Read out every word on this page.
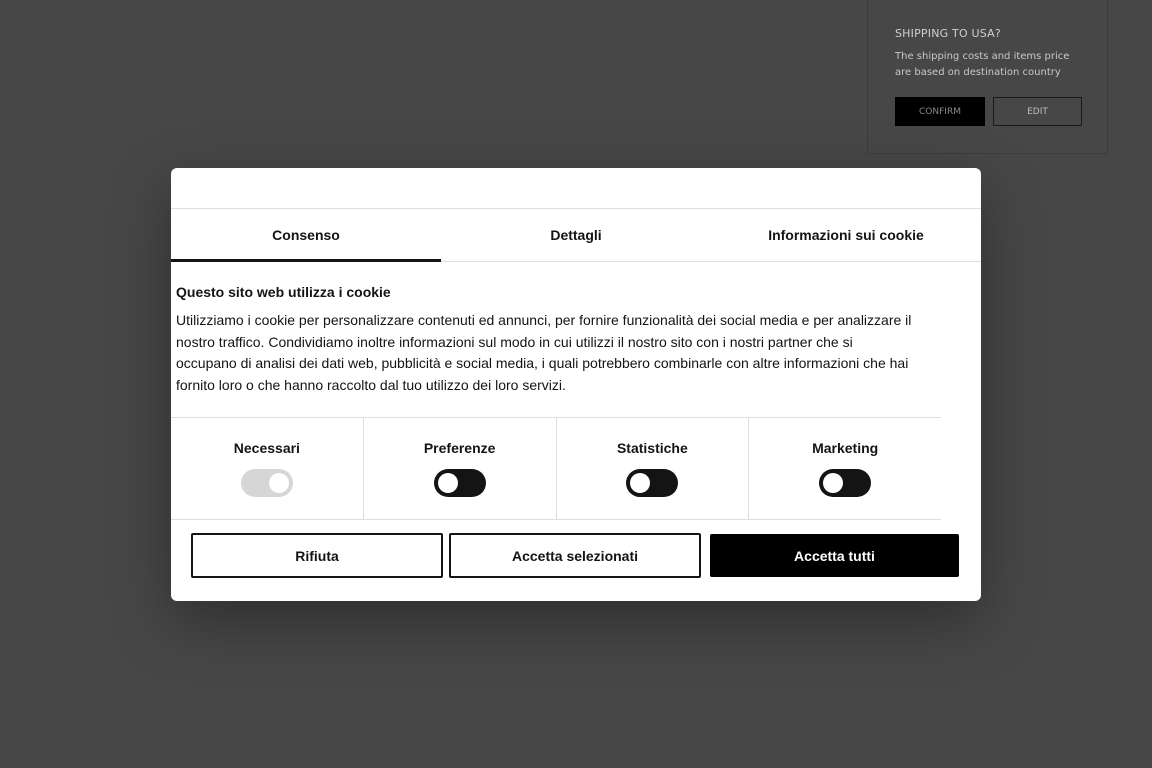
SHIPPING TO USA?
The shipping costs and items price are based on destination country
CONFIRM	EDIT
Consenso	Dettagli	Informazioni sui cookie
Questo sito web utilizza i cookie

Utilizziamo i cookie per personalizzare contenuti ed annunci, per fornire funzionalità dei social media e per analizzare il nostro traffico. Condividiamo inoltre informazioni sul modo in cui utilizzi il nostro sito con i nostri partner che si occupano di analisi dei dati web, pubblicità e social media, i quali potrebbero combinarle con altre informazioni che hai fornito loro o che hanno raccolto dal tuo utilizzo dei loro servizi.

Necessari	Preferenze	Statistiche	Marketing
Rifiuta	Accetta selezionati	Accetta tutti
